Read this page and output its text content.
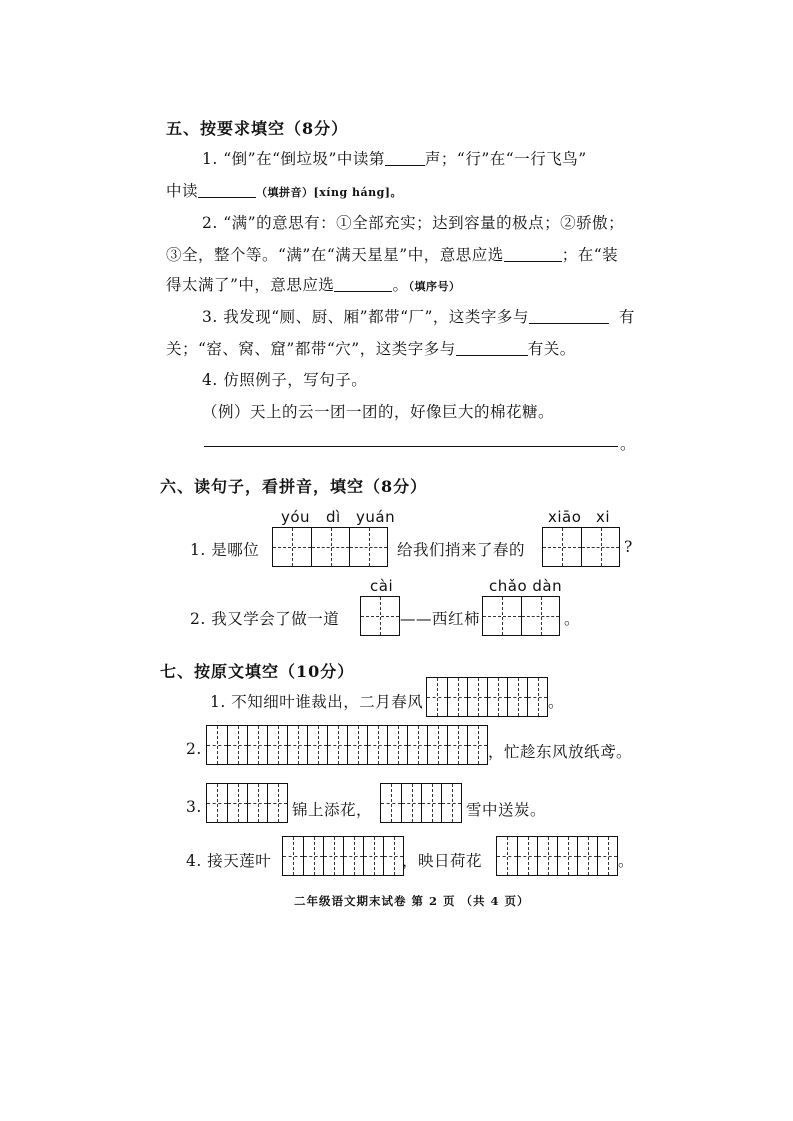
五、按要求填空（8分）
1. “倒”在“倒垃圾”中读第	声；“行”在“一行飞鸟”
中读	（填拼音）[xíng háng]。
2. “满”的意思有：①全部充实；达到容量的极点；②骄傲；
③全，整个等。“满”在“满天星星”中，意思应选	；在“装
得太满了”中，意思应选	。（填序号）
3. 我发现“厕、厨、厢”都带“厂”，这类字多与	有
关；“窑、窝、窟”都带“穴”，这类字多与	有关。
4. 仿照例子，写句子。
（例）天上的云一团一团的，好像巨大的棉花糖。
。
六、读句子，看拼音，填空（8分）
yóu dì yuán	xiāo xi
1. 是哪位	给我们捎来了春的	?
cài	chǎo dàn
2. 我又学会了做一道	——西红柿	。
七、按原文填空（10分）
1. 不知细叶谁裁出，二月春风	。
2.	，忙趁东风放纸鸢。
3.	锦上添花，	雪中送炭。
4. 接天莲叶	，映日荷花	。
二年级语文期末试卷 第 2 页 （共 4 页）
